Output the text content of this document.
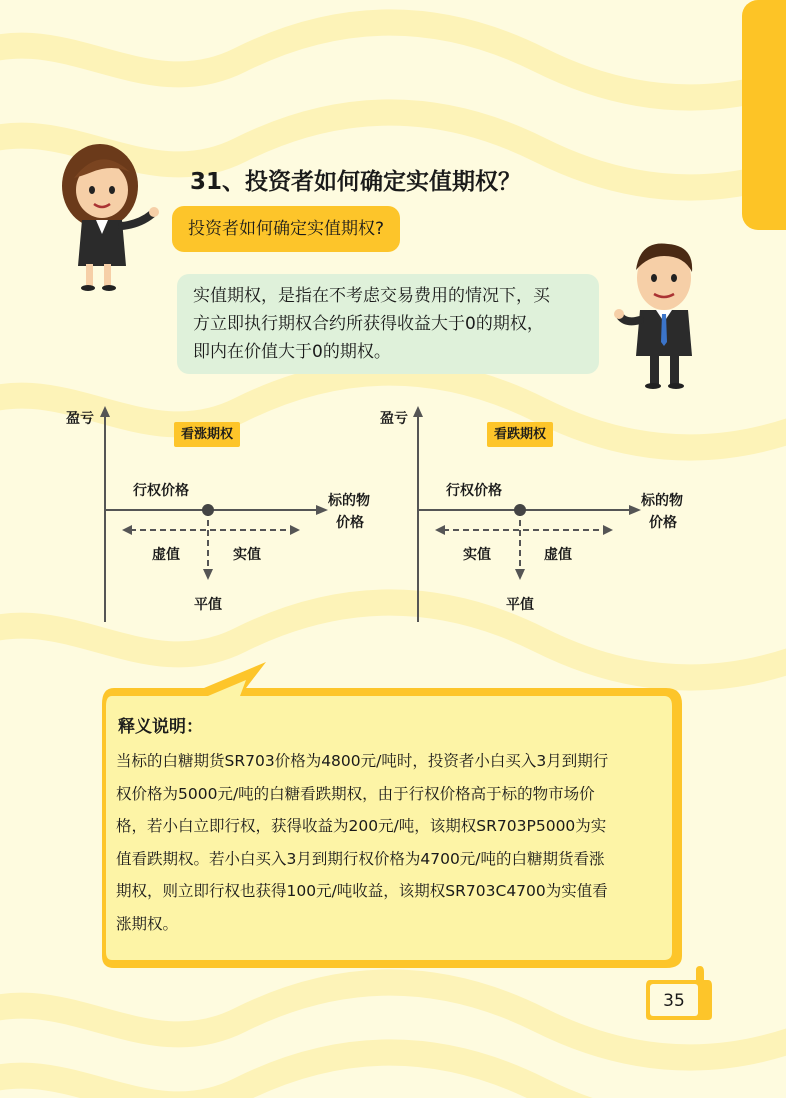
31、投资者如何确定实值期权？
投资者如何确定实值期权?
实值期权，是指在不考虑交易费用的情况下，买
方立即执行期权合约所获得收益大于0的期权，
即内在价值大于0的期权。
盈亏
看涨期权
行权价格
标的物
价格
虚值	实值
平值
盈亏
看跌期权
行权价格
标的物
价格
实值	虚值
平值
释义说明：
当标的白糖期货SR703价格为4800元/吨时，投资者小白买入3月到期行
权价格为5000元/吨的白糖看跌期权，由于行权价格高于标的物市场价
格，若小白立即行权，获得收益为200元/吨，该期权SR703P5000为实
值看跌期权。若小白买入3月到期行权价格为4700元/吨的白糖期货看涨
期权，则立即行权也获得100元/吨收益，该期权SR703C4700为实值看
涨期权。
35
